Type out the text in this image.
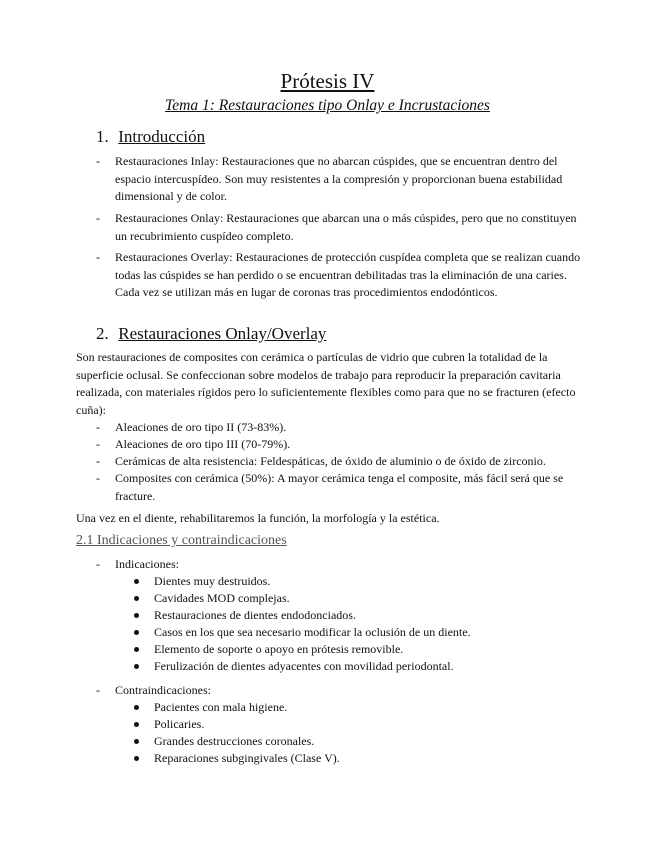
Prótesis IV
Tema 1: Restauraciones tipo Onlay e Incrustaciones
1. Introducción
- Restauraciones Inlay: Restauraciones que no abarcan cúspides, que se encuentran dentro del espacio intercuspídeo. Son muy resistentes a la compresión y proporcionan buena estabilidad dimensional y de color.
- Restauraciones Onlay: Restauraciones que abarcan una o más cúspides, pero que no constituyen un recubrimiento cuspídeo completo.
- Restauraciones Overlay: Restauraciones de protección cuspídea completa que se realizan cuando todas las cúspides se han perdido o se encuentran debilitadas tras la eliminación de una caries. Cada vez se utilizan más en lugar de coronas tras procedimientos endodónticos.
2. Restauraciones Onlay/Overlay
Son restauraciones de composites con cerámica o partículas de vidrio que cubren la totalidad de la superficie oclusal. Se confeccionan sobre modelos de trabajo para reproducir la preparación cavitaria realizada, con materiales rígidos pero lo suficientemente flexibles como para que no se fracturen (efecto cuña):
- Aleaciones de oro tipo II (73-83%).
- Aleaciones de oro tipo III (70-79%).
- Cerámicas de alta resistencia: Feldespáticas, de óxido de aluminio o de óxido de zirconio.
- Composites con cerámica (50%): A mayor cerámica tenga el composite, más fácil será que se fracture.
Una vez en el diente, rehabilitaremos la función, la morfología y la estética.
2.1 Indicaciones y contraindicaciones
- Indicaciones:
Dientes muy destruidos.
Cavidades MOD complejas.
Restauraciones de dientes endodonciados.
Casos en los que sea necesario modificar la oclusión de un diente.
Elemento de soporte o apoyo en prótesis removible.
Ferulización de dientes adyacentes con movilidad periodontal.
- Contraindicaciones:
Pacientes con mala higiene.
Policaries.
Grandes destrucciones coronales.
Reparaciones subgingivales (Clase V).
